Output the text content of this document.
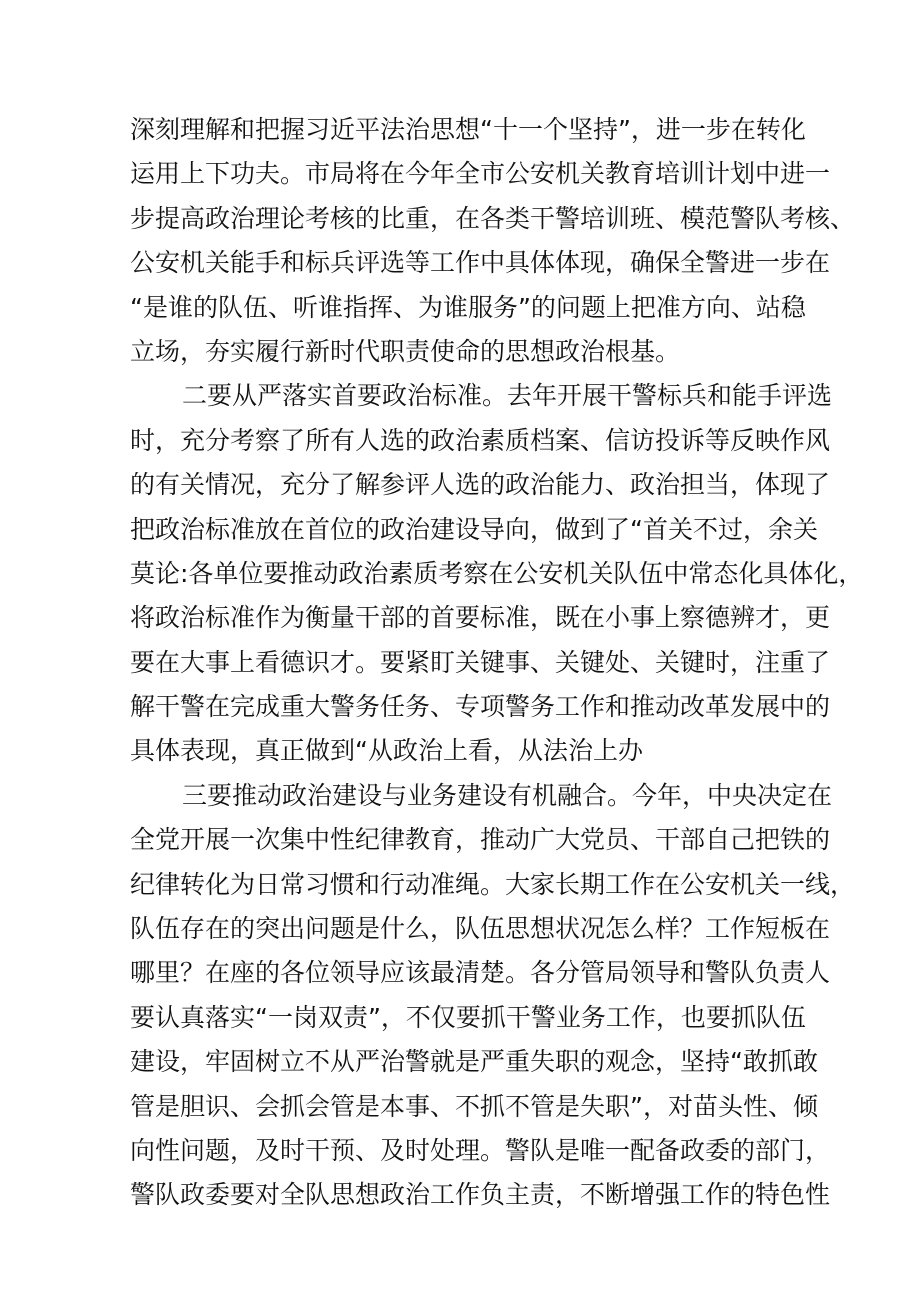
深刻理解和把握习近平法治思想“十一个坚持”，进一步在转化
运用上下功夫。市局将在今年全市公安机关教育培训计划中进一
步提高政治理论考核的比重，在各类干警培训班、模范警队考核、
公安机关能手和标兵评选等工作中具体体现，确保全警进一步在
“是谁的队伍、听谁指挥、为谁服务”的问题上把准方向、站稳
立场，夯实履行新时代职责使命的思想政治根基。
二要从严落实首要政治标准。去年开展干警标兵和能手评选
时，充分考察了所有人选的政治素质档案、信访投诉等反映作风
的有关情况，充分了解参评人选的政治能力、政治担当，体现了
把政治标准放在首位的政治建设导向，做到了“首关不过，余关
莫论:各单位要推动政治素质考察在公安机关队伍中常态化具体化，
将政治标准作为衡量干部的首要标准，既在小事上察德辨才，更
要在大事上看德识才。要紧盯关键事、关键处、关键时，注重了
解干警在完成重大警务任务、专项警务工作和推动改革发展中的
具体表现，真正做到“从政治上看，从法治上办
三要推动政治建设与业务建设有机融合。今年，中央决定在
全党开展一次集中性纪律教育，推动广大党员、干部自己把铁的
纪律转化为日常习惯和行动准绳。大家长期工作在公安机关一线，
队伍存在的突出问题是什么，队伍思想状况怎么样？工作短板在
哪里？在座的各位领导应该最清楚。各分管局领导和警队负责人
要认真落实“一岗双责”，不仅要抓干警业务工作，也要抓队伍
建设，牢固树立不从严治警就是严重失职的观念，坚持“敢抓敢
管是胆识、会抓会管是本事、不抓不管是失职”，对苗头性、倾
向性问题，及时干预、及时处理。警队是唯一配备政委的部门，
警队政委要对全队思想政治工作负主责，不断增强工作的特色性
